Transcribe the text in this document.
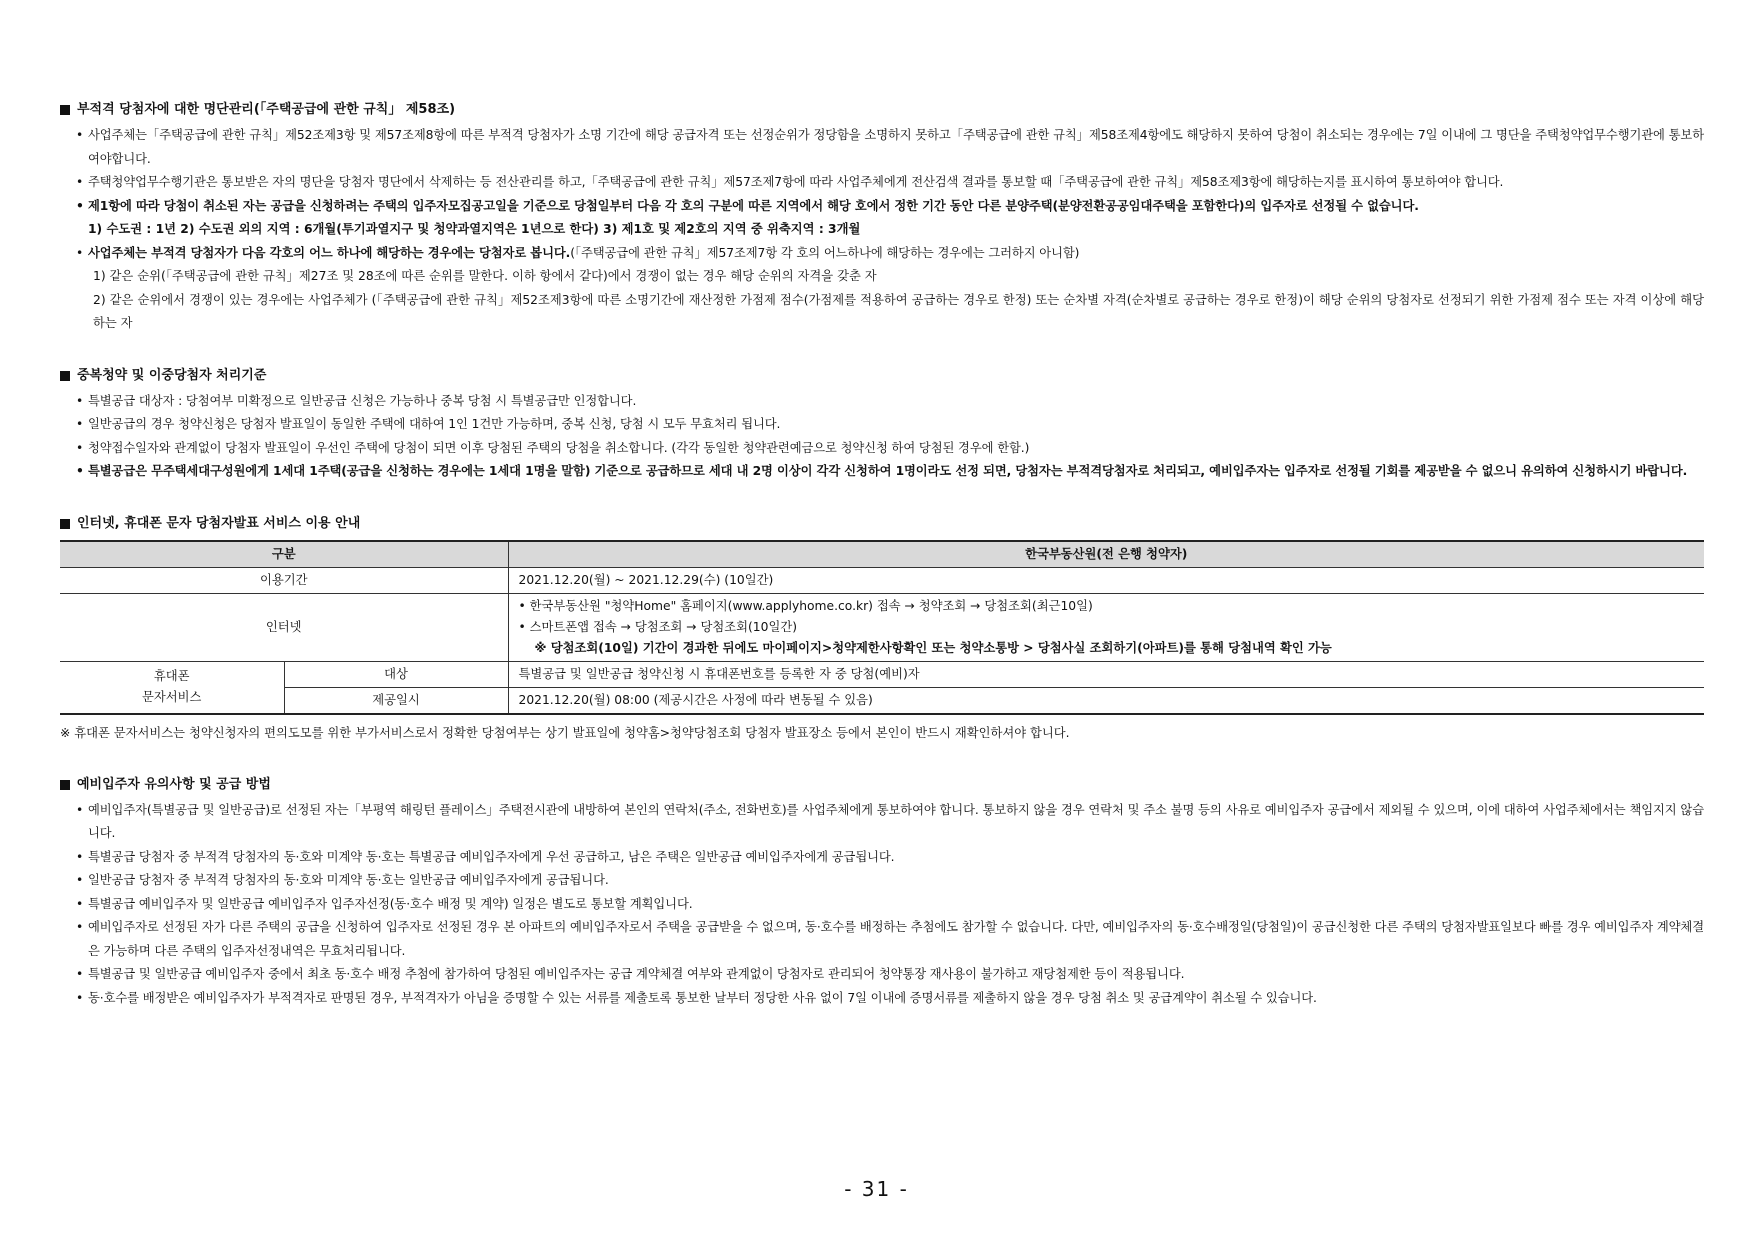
부적격 당첨자에 대한 명단관리(「주택공급에 관한 규칙」 제58조)
• 사업주체는「주택공급에 관한 규칙」제52조제3항 및 제57조제8항에 따른 부적격 당첨자가 소명 기간에 해당 공급자격 또는 선정순위가 정당함을 소명하지 못하고「주택공급에 관한 규칙」제58조제4항에도 해당하지 못하여 당첨이 취소되는 경우에는 7일 이내에 그 명단을 주택청약업무수행기관에 통보하여야합니다.
• 주택청약업무수행기관은 통보받은 자의 명단을 당첨자 명단에서 삭제하는 등 전산관리를 하고,「주택공급에 관한 규칙」제57조제7항에 따라 사업주체에게 전산검색 결과를 통보할 때「주택공급에 관한 규칙」제58조제3항에 해당하는지를 표시하여 통보하여야 합니다.
• 제1항에 따라 당첨이 취소된 자는 공급을 신청하려는 주택의 입주자모집공고일을 기준으로 당첨일부터 다음 각 호의 구분에 따른 지역에서 해당 호에서 정한 기간 동안 다른 분양주택(분양전환공공임대주택을 포함한다)의 입주자로 선정될 수 없습니다.
1) 수도권 : 1년 2) 수도권 외의 지역 : 6개월(투기과열지구 및 청약과열지역은 1년으로 한다) 3) 제1호 및 제2호의 지역 중 위축지역 : 3개월
• 사업주체는 부적격 당첨자가 다음 각호의 어느 하나에 해당하는 경우에는 당첨자로 봅니다.(「주택공급에 관한 규칙」제57조제7항 각 호의 어느하나에 해당하는 경우에는 그러하지 아니함)
1) 같은 순위(「주택공급에 관한 규칙」제27조 및 28조에 따른 순위를 말한다. 이하 항에서 같다)에서 경쟁이 없는 경우 해당 순위의 자격을 갖춘 자
2) 같은 순위에서 경쟁이 있는 경우에는 사업주체가 (「주택공급에 관한 규칙」제52조제3항에 따른 소명기간에 재산정한 가점제 점수(가점제를 적용하여 공급하는 경우로 한정) 또는 순차별 자격(순차별로 공급하는 경우로 한정)이 해당 순위의 당첨자로 선정되기 위한 가점제 점수 또는 자격 이상에 해당하는 자
중복청약 및 이중당첨자 처리기준
• 특별공급 대상자 : 당첨여부 미확정으로 일반공급 신청은 가능하나 중복 당첨 시 특별공급만 인정합니다.
• 일반공급의 경우 청약신청은 당첨자 발표일이 동일한 주택에 대하여 1인 1건만 가능하며, 중복 신청, 당첨 시 모두 무효처리 됩니다.
• 청약접수일자와 관계없이 당첨자 발표일이 우선인 주택에 당첨이 되면 이후 당첨된 주택의 당첨을 취소합니다. (각각 동일한 청약관련예금으로 청약신청 하여 당첨된 경우에 한함.)
• 특별공급은 무주택세대구성원에게 1세대 1주택(공급을 신청하는 경우에는 1세대 1명을 말함) 기준으로 공급하므로 세대 내 2명 이상이 각각 신청하여 1명이라도 선정 되면, 당첨자는 부적격당첨자로 처리되고, 예비입주자는 입주자로 선정될 기회를 제공받을 수 없으니 유의하여 신청하시기 바랍니다.
인터넷, 휴대폰 문자 당첨자발표 서비스 이용 안내
구분		한국부동산원(전 은행 청약자)
이용기간		2021.12.20(월) ~ 2021.12.29(수) (10일간)
인터넷		• 한국부동산원 "청약Home" 홈페이지(www.applyhome.co.kr) 접속 → 청약조회 → 당첨조회(최근10일)
• 스마트폰앱 접속 → 당첨조회 → 당첨조회(10일간)
※ 당첨조회(10일) 기간이 경과한 뒤에도 마이페이지>청약제한사항확인 또는 청약소통방 > 당첨사실 조회하기(아파트)를 통해 당첨내역 확인 가능

휴대폰
문자서비스	대상	특별공급 및 일반공급 청약신청 시 휴대폰번호를 등록한 자 중 당첨(예비)자
	제공일시	2021.12.20(월) 08:00 (제공시간은 사정에 따라 변동될 수 있음)
※ 휴대폰 문자서비스는 청약신청자의 편의도모를 위한 부가서비스로서 정확한 당첨여부는 상기 발표일에 청약홈>청약당첨조회 당첨자 발표장소 등에서 본인이 반드시 재확인하셔야 합니다.
예비입주자 유의사항 및 공급 방법
• 예비입주자(특별공급 및 일반공급)로 선정된 자는「부평역 해링턴 플레이스」주택전시관에 내방하여 본인의 연락처(주소, 전화번호)를 사업주체에게 통보하여야 합니다. 통보하지 않을 경우 연락처 및 주소 불명 등의 사유로 예비입주자 공급에서 제외될 수 있으며, 이에 대하여 사업주체에서는 책임지지 않습니다.
• 특별공급 당첨자 중 부적격 당첨자의 동·호와 미계약 동·호는 특별공급 예비입주자에게 우선 공급하고, 남은 주택은 일반공급 예비입주자에게 공급됩니다.
• 일반공급 당첨자 중 부적격 당첨자의 동·호와 미계약 동·호는 일반공급 예비입주자에게 공급됩니다.
• 특별공급 예비입주자 및 일반공급 예비입주자 입주자선정(동·호수 배정 및 계약) 일정은 별도로 통보할 계획입니다.
• 예비입주자로 선정된 자가 다른 주택의 공급을 신청하여 입주자로 선정된 경우 본 아파트의 예비입주자로서 주택을 공급받을 수 없으며, 동·호수를 배정하는 추첨에도 참가할 수 없습니다. 다만, 예비입주자의 동·호수배정일(당첨일)이 공급신청한 다른 주택의 당첨자발표일보다 빠를 경우 예비입주자 계약체결은 가능하며 다른 주택의 입주자선정내역은 무효처리됩니다.
• 특별공급 및 일반공급 예비입주자 중에서 최초 동·호수 배정 추첨에 참가하여 당첨된 예비입주자는 공급 계약체결 여부와 관계없이 당첨자로 관리되어 청약통장 재사용이 불가하고 재당첨제한 등이 적용됩니다.
• 동·호수를 배정받은 예비입주자가 부적격자로 판명된 경우, 부적격자가 아님을 증명할 수 있는 서류를 제출토록 통보한 날부터 정당한 사유 없이 7일 이내에 증명서류를 제출하지 않을 경우 당첨 취소 및 공급계약이 취소될 수 있습니다.
- 31 -
